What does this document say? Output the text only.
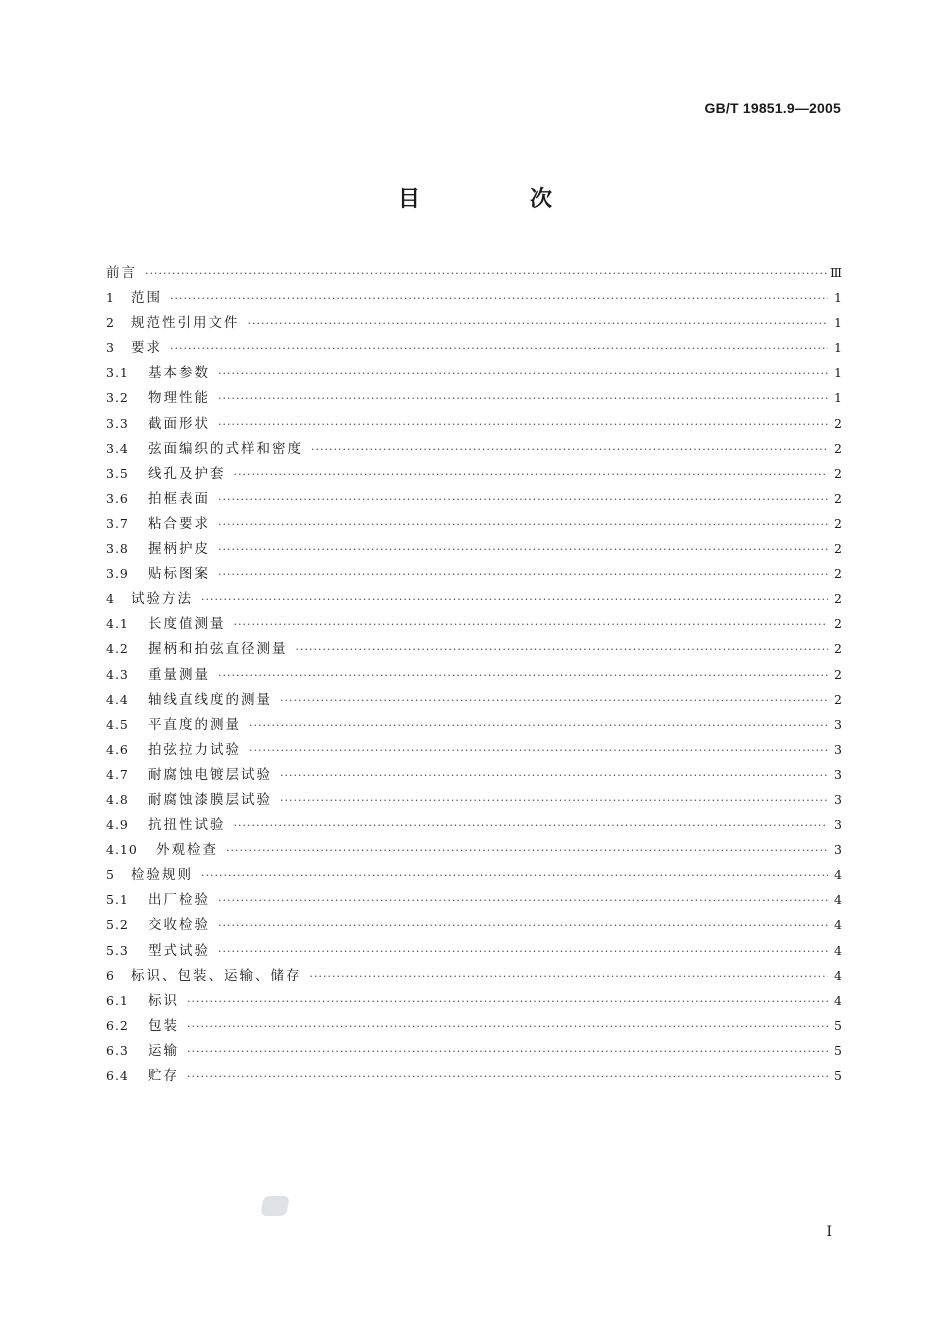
GB/T 19851.9—2005
目　次
前言 ·····	Ⅲ
1	范围 ·····	1
2	规范性引用文件 ·····	1
3	要求 ·····	1
3.1	基本参数 ·····	1
3.2	物理性能 ·····	1
3.3	截面形状 ·····	2
3.4	弦面编织的式样和密度 ·····	2
3.5	线孔及护套 ·····	2
3.6	拍框表面 ·····	2
3.7	粘合要求 ·····	2
3.8	握柄护皮 ·····	2
3.9	贴标图案 ·····	2
4	试验方法 ·····	2
4.1	长度值测量 ·····	2
4.2	握柄和拍弦直径测量 ·····	2
4.3	重量测量 ·····	2
4.4	轴线直线度的测量 ·····	2
4.5	平直度的测量 ·····	3
4.6	拍弦拉力试验 ·····	3
4.7	耐腐蚀电镀层试验 ·····	3
4.8	耐腐蚀漆膜层试验 ·····	3
4.9	抗扭性试验 ·····	3
4.10	外观检查 ·····	3
5	检验规则 ·····	4
5.1	出厂检验 ·····	4
5.2	交收检验 ·····	4
5.3	型式试验 ·····	4
6	标识、包装、运输、储存 ·····	4
6.1	标识 ·····	4
6.2	包装 ·····	5
6.3	运输 ·····	5
6.4	贮存 ·····	5
I
